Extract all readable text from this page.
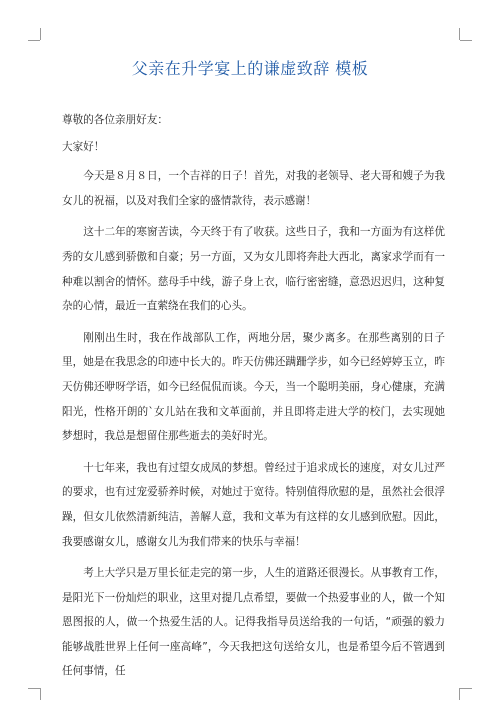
父亲在升学宴上的谦虚致辞 模板

尊敬的各位亲朋好友：

大家好！

今天是８月８日，一个吉祥的日子！首先，对我的老领导、老大哥和嫂子为我女儿的祝福，以及对我们全家的盛情款待，表示感谢！

这十二年的寒窗苦读，今天终于有了收获。这些日子，我和一方面为有这样优秀的女儿感到骄傲和自豪；另一方面，又为女儿即将奔赴大西北，离家求学而有一种难以割舍的情怀。慈母手中线，游子身上衣，临行密密缝，意恐迟迟归，这种复杂的心情，最近一直萦绕在我们的心头。

刚刚出生时，我在作战部队工作，两地分居，聚少离多。在那些离别的日子里，她是在我思念的印迹中长大的。昨天仿佛还蹒跚学步，如今已经婷婷玉立，昨天仿佛还咿呀学语，如今已经侃侃而谈。今天，当一个聪明美丽，身心健康，充满阳光，性格开朗的`女儿站在我和文革面前，并且即将走进大学的校门，去实现她梦想时，我总是想留住那些逝去的美好时光。

十七年来，我也有过望女成凤的梦想。曾经过于追求成长的速度，对女儿过严的要求，也有过宠爱骄养时候，对她过于宽待。特别值得欣慰的是，虽然社会很浮躁，但女儿依然清新纯洁，善解人意，我和文革为有这样的女儿感到欣慰。因此，我要感谢女儿，感谢女儿为我们带来的快乐与幸福！

考上大学只是万里长征走完的第一步，人生的道路还很漫长。从事教育工作，是阳光下一份灿烂的职业，这里对提几点希望，要做一个热爱事业的人，做一个知恩图报的人，做一个热爱生活的人。记得我指导员送给我的一句话，“顽强的毅力能够战胜世界上任何一座高峰”，今天我把这句送给女儿，也是希望今后不管遇到任何事情，任
